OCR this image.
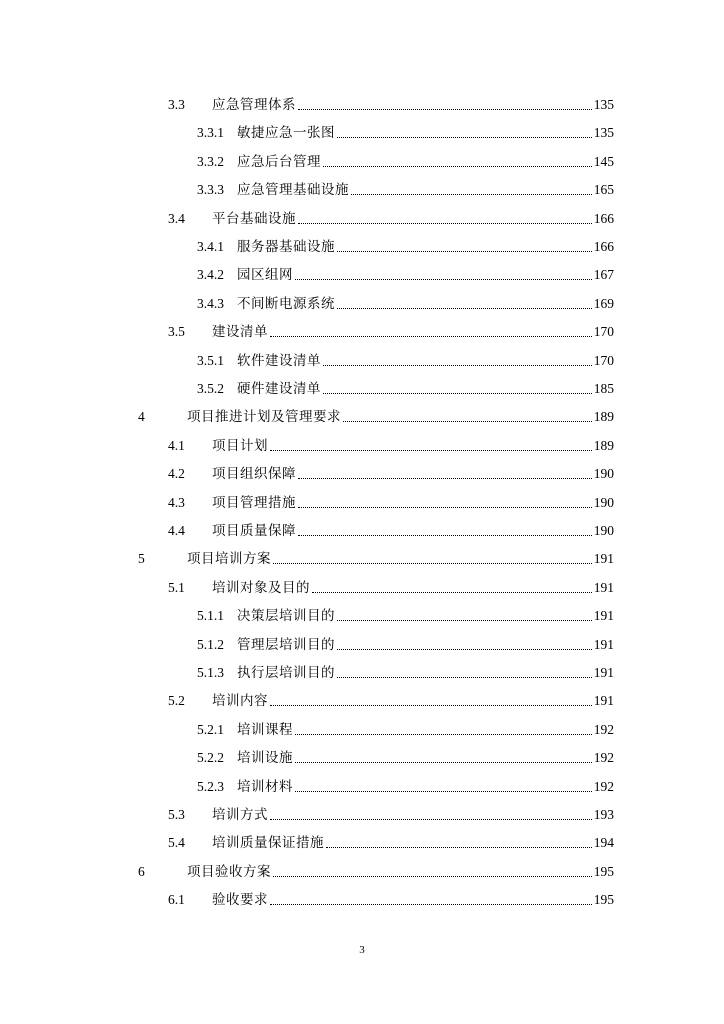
3.3	应急管理体系	135
3.3.1 敏捷应急一张图	135
3.3.2 应急后台管理	145
3.3.3 应急管理基础设施	165
3.4	平台基础设施	166
3.4.1 服务器基础设施	166
3.4.2 园区组网	167
3.4.3 不间断电源系统	169
3.5	建设清单	170
3.5.1 软件建设清单	170
3.5.2 硬件建设清单	185
4	项目推进计划及管理要求	189
4.1	项目计划	189
4.2	项目组织保障	190
4.3	项目管理措施	190
4.4	项目质量保障	190
5	项目培训方案	191
5.1	培训对象及目的	191
5.1.1 决策层培训目的	191
5.1.2 管理层培训目的	191
5.1.3 执行层培训目的	191
5.2	培训内容	191
5.2.1 培训课程	192
5.2.2 培训设施	192
5.2.3 培训材料	192
5.3	培训方式	193
5.4	培训质量保证措施	194
6	项目验收方案	195
6.1	验收要求	195
3
